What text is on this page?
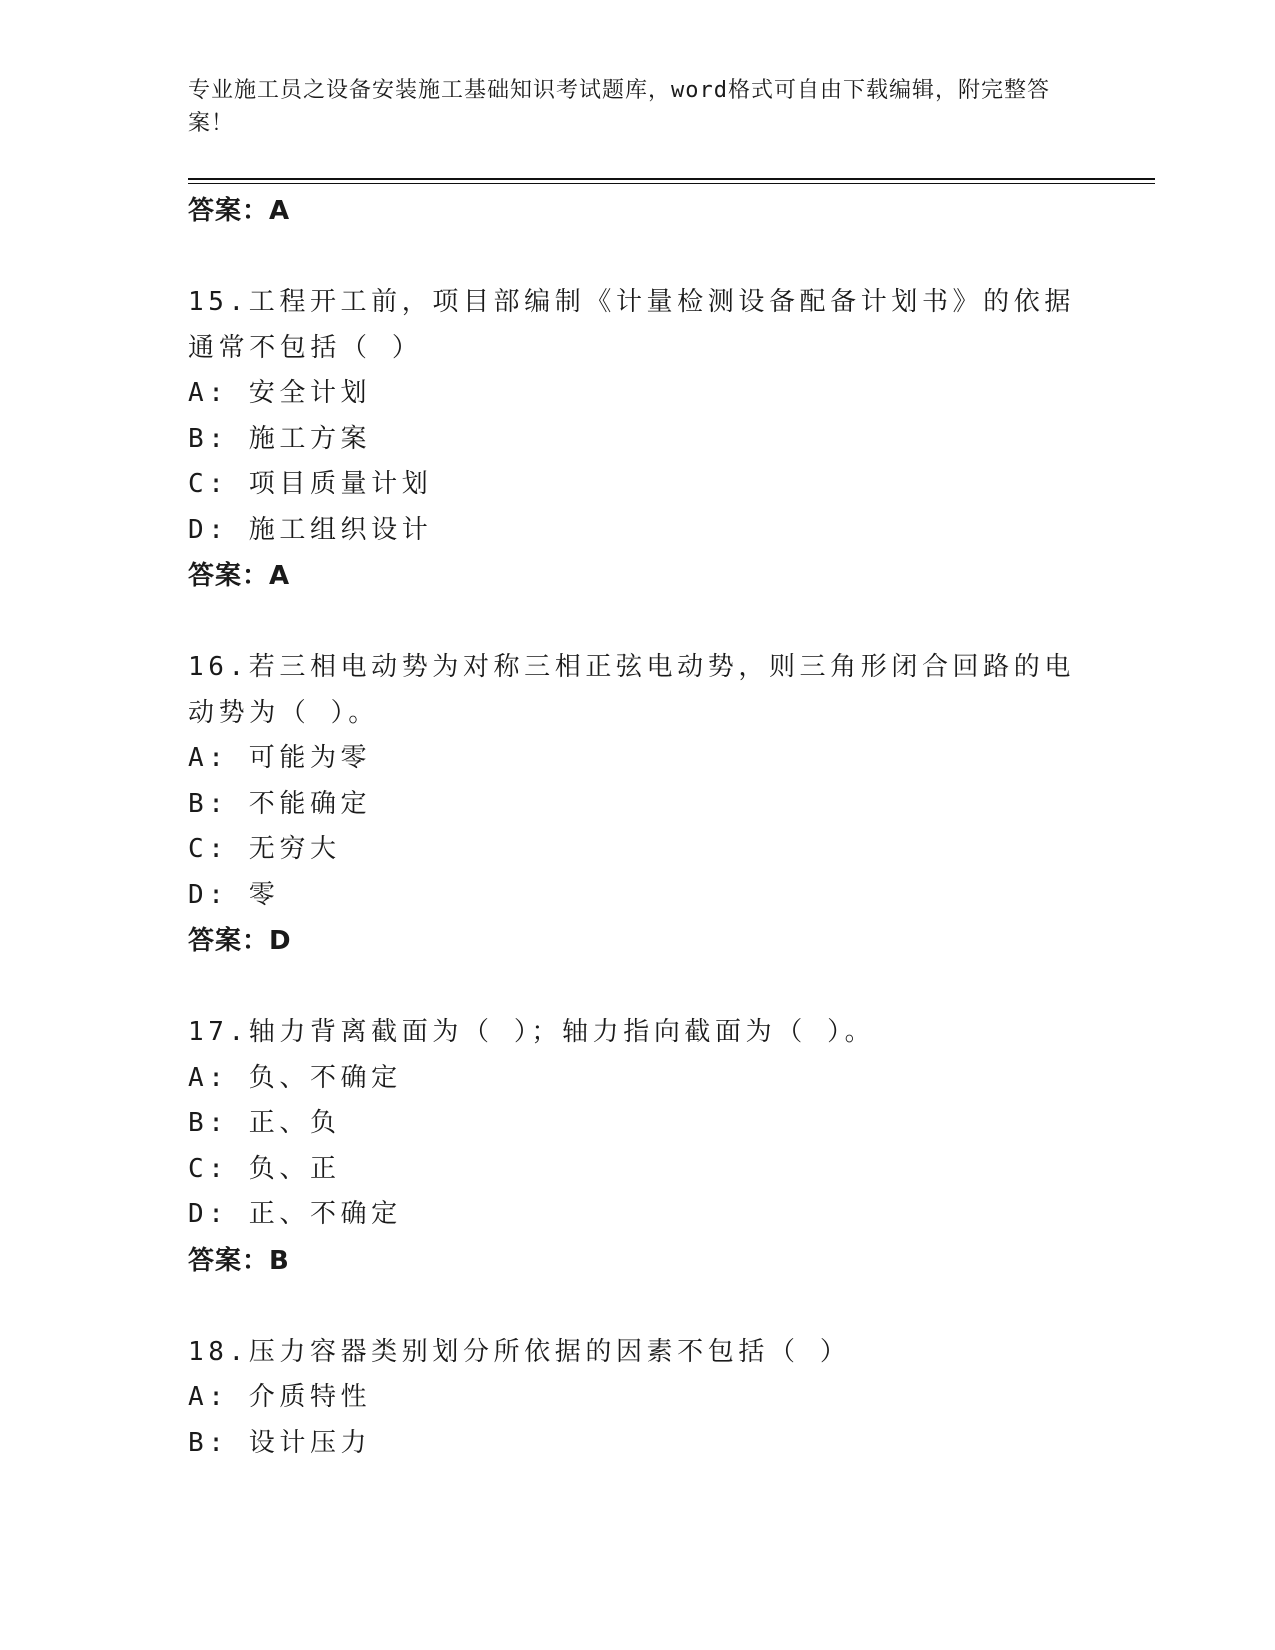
专业施工员之设备安装施工基础知识考试题库，word格式可自由下载编辑，附完整答案！
答案：A
15.工程开工前，项目部编制《计量检测设备配备计划书》的依据通常不包括（ ）
A: 安全计划
B: 施工方案
C: 项目质量计划
D: 施工组织设计
答案：A
16.若三相电动势为对称三相正弦电动势，则三角形闭合回路的电动势为（ ）。
A: 可能为零
B: 不能确定
C: 无穷大
D: 零
答案：D
17.轴力背离截面为（ ）；轴力指向截面为（ ）。
A: 负、不确定
B: 正、负
C: 负、正
D: 正、不确定
答案：B
18.压力容器类别划分所依据的因素不包括（ ）
A: 介质特性
B: 设计压力
